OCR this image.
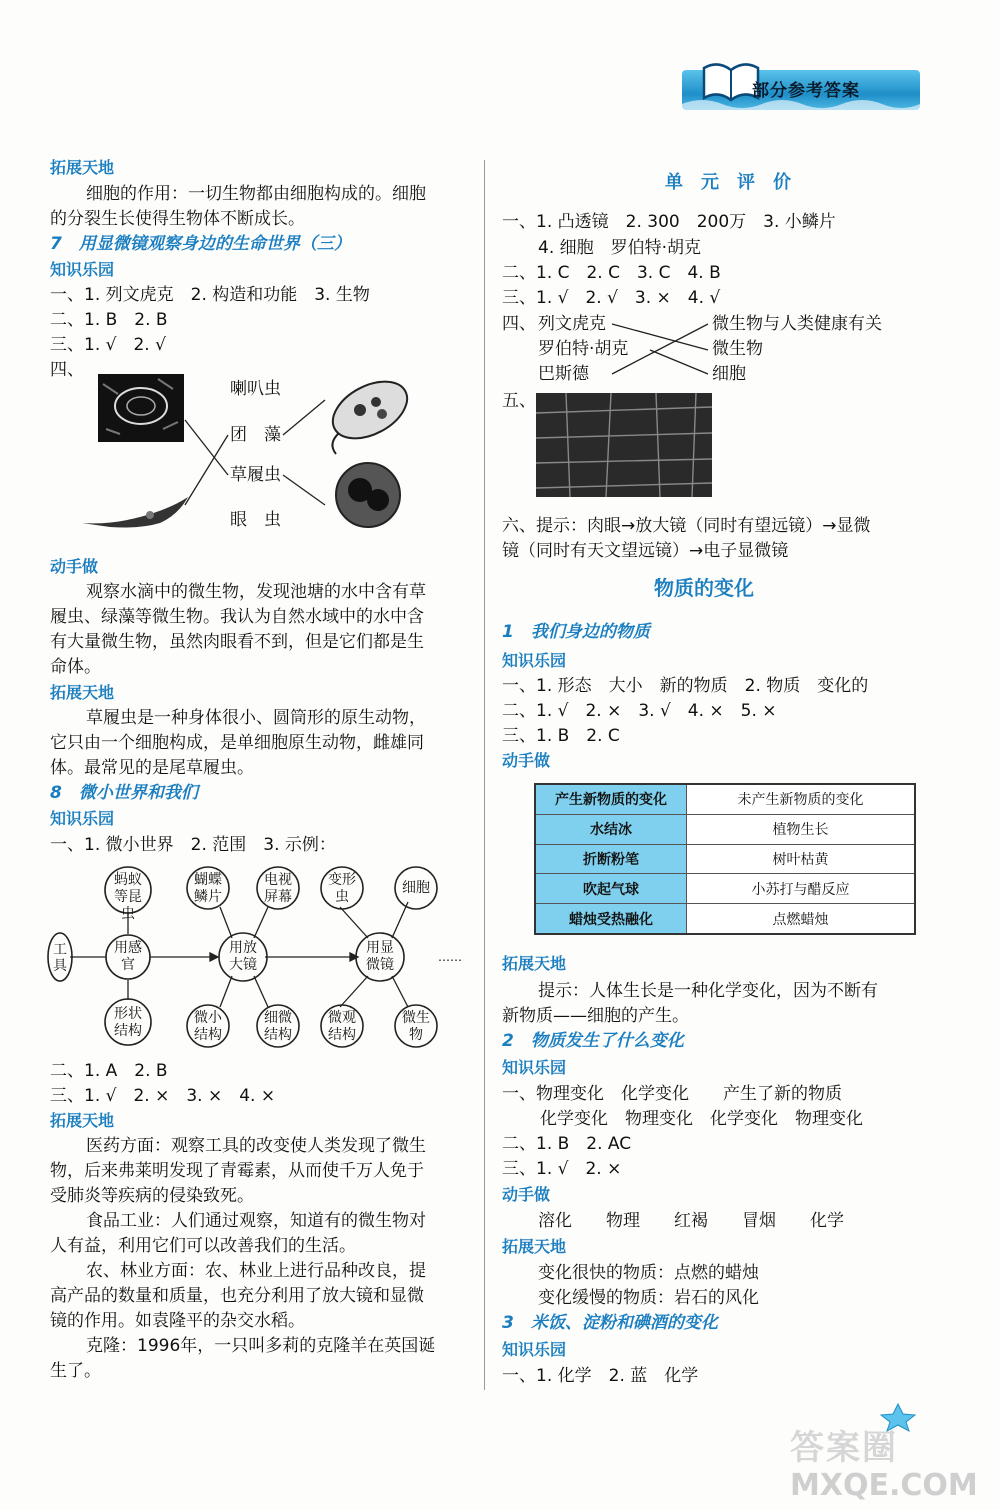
部分参考答案
拓展天地
细胞的作用：一切生物都由细胞构成的。细胞
的分裂生长使得生物体不断成长。
7　用显微镜观察身边的生命世界（三）
知识乐园
一、1. 列文虎克　2. 构造和功能　3. 生物
二、1. B　2. B
三、1. √　2. √
四、
喇叭虫
团　藻
草履虫
眼　虫
动手做
观察水滴中的微生物，发现池塘的水中含有草
履虫、绿藻等微生物。我认为自然水域中的水中含
有大量微生物，虽然肉眼看不到，但是它们都是生
命体。
拓展天地
草履虫是一种身体很小、圆筒形的原生动物，
它只由一个细胞构成，是单细胞原生动物，雌雄同
体。最常见的是尾草履虫。
8　微小世界和我们
知识乐园
一、1. 微小世界　2. 范围　3. 示例：
工具
用感官
用放大镜
用显微镜
蚂蚁等昆虫
形状结构
蝴蝶鳞片
电视屏幕
微小结构
细微结构
变形虫
细胞
微观结构
微生物
……
二、1. A　2. B
三、1. √　2. ×　3. ×　4. ×
拓展天地
医药方面：观察工具的改变使人类发现了微生
物，后来弗莱明发现了青霉素，从而使千万人免于
受肺炎等疾病的侵染致死。
食品工业：人们通过观察，知道有的微生物对
人有益，利用它们可以改善我们的生活。
农、林业方面：农、林业上进行品种改良，提
高产品的数量和质量，也充分利用了放大镜和显微
镜的作用。如袁隆平的杂交水稻。
克隆：1996年，一只叫多莉的克隆羊在英国诞
生了。
单　元　评　价
一、1. 凸透镜　2. 300　200万　3. 小鳞片
4. 细胞　罗伯特·胡克
二、1. C　2. C　3. C　4. B
三、1. √　2. √　3. ×　4. √
四、 列文虎克
罗伯特·胡克
巴斯德
微生物与人类健康有关
微生物
细胞
五、
六、提示：肉眼→放大镜（同时有望远镜）→显微
镜（同时有天文望远镜）→电子显微镜
物质的变化
1　我们身边的物质
知识乐园
一、1. 形态　大小　新的物质　2. 物质　变化的
二、1. √　2. ×　3. √　4. ×　5. ×
三、1. B　2. C
动手做
产生新物质的变化	未产生新物质的变化
水结冰	植物生长
折断粉笔	树叶枯黄
吹起气球	小苏打与醋反应
蜡烛受热融化	点燃蜡烛
拓展天地
提示：人体生长是一种化学变化，因为不断有
新物质——细胞的产生。
2　物质发生了什么变化
知识乐园
一、物理变化　化学变化　　产生了新的物质
化学变化　物理变化　化学变化　物理变化
二、1. B　2. AC
三、1. √　2. ×
动手做
溶化　　物理　　红褐　　冒烟　　化学
拓展天地
变化很快的物质：点燃的蜡烛
变化缓慢的物质：岩石的风化
3　米饭、淀粉和碘酒的变化
知识乐园
一、1. 化学　2. 蓝　化学
答案圈
MXQE.COM
